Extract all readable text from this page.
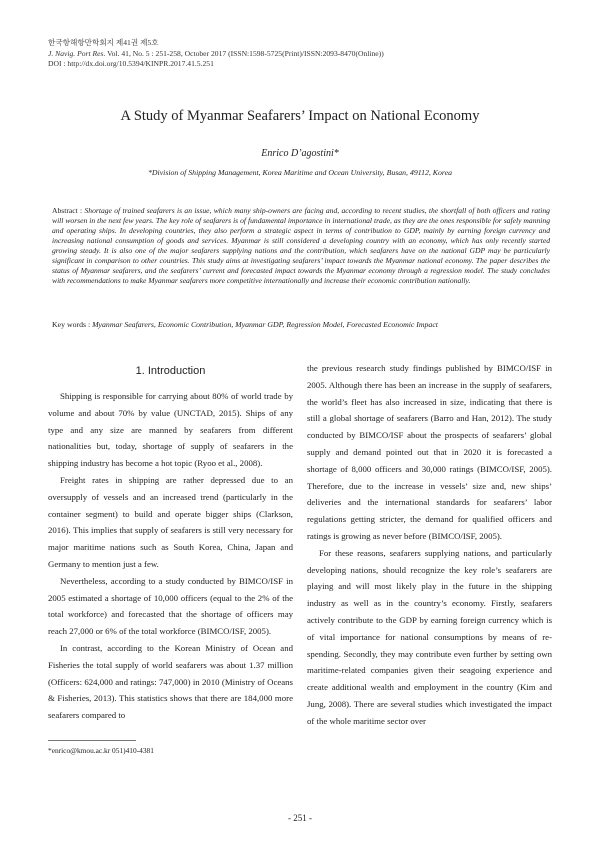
한국항해항만학회지 제41권 제5호
J. Navig. Port Res. Vol. 41, No. 5 : 251-258, October 2017 (ISSN:1598-5725(Print)/ISSN:2093-8470(Online))
DOI : http://dx.doi.org/10.5394/KINPR.2017.41.5.251
A Study of Myanmar Seafarers’ Impact on National Economy
Enrico D’agostini*
*Division of Shipping Management, Korea Maritime and Ocean University, Busan, 49112, Korea
Abstract : Shortage of trained seafarers is an issue, which many ship-owners are facing and, according to recent studies, the shortfall of both officers and rating will worsen in the next few years. The key role of seafarers is of fundamental importance in international trade, as they are the ones responsible for safely manning and operating ships. In developing countries, they also perform a strategic aspect in terms of contribution to GDP, mainly by earning foreign currency and increasing national consumption of goods and services. Myanmar is still considered a developing country with an economy, which has only recently started growing steady. It is also one of the major seafarers supplying nations and the contribution, which seafarers have on the national GDP may be particularly significant in comparison to other countries. This study aims at investigating seafarers’ impact towards the Myanmar national economy. The paper describes the status of Myanmar seafarers, and the seafarers’ current and forecasted impact towards the Myanmar economy through a regression model. The study concludes with recommendations to make Myanmar seafarers more competitive internationally and increase their economic contribution nationally.
Key words : Myanmar Seafarers, Economic Contribution, Myanmar GDP, Regression Model, Forecasted Economic Impact
1. Introduction

Shipping is responsible for carrying about 80% of world trade by volume and about 70% by value (UNCTAD, 2015). Ships of any type and any size are manned by seafarers from different nationalities but, today, shortage of supply of seafarers in the shipping industry has become a hot topic (Ryoo et al., 2008).

Freight rates in shipping are rather depressed due to an oversupply of vessels and an increased trend (particularly in the container segment) to build and operate bigger ships (Clarkson, 2016). This implies that supply of seafarers is still very necessary for major maritime nations such as South Korea, China, Japan and Germany to mention just a few.

Nevertheless, according to a study conducted by BIMCO/ISF in 2005 estimated a shortage of 10,000 officers (equal to the 2% of the total workforce) and forecasted that the shortage of officers may reach 27,000 or 6% of the total workforce (BIMCO/ISF, 2005).

In contrast, according to the Korean Ministry of Ocean and Fisheries the total supply of world seafarers was about 1.37 million (Officers: 624,000 and ratings: 747,000) in 2010 (Ministry of Oceans & Fisheries, 2013). This statistics shows that there are 184,000 more seafarers compared to

the previous research study findings published by BIMCO/ISF in 2005. Although there has been an increase in the supply of seafarers, the world’s fleet has also increased in size, indicating that there is still a global shortage of seafarers (Barro and Han, 2012). The study conducted by BIMCO/ISF about the prospects of seafarers’ global supply and demand pointed out that in 2020 it is forecasted a shortage of 8,000 officers and 30,000 ratings (BIMCO/ISF, 2005). Therefore, due to the increase in vessels’ size and, new ships’ deliveries and the international standards for seafarers’ labor regulations getting stricter, the demand for qualified officers and ratings is growing as never before (BIMCO/ISF, 2005).

For these reasons, seafarers supplying nations, and particularly developing nations, should recognize the key role’s seafarers are playing and will most likely play in the future in the shipping industry as well as in the country’s economy. Firstly, seafarers actively contribute to the GDP by earning foreign currency which is of vital importance for national consumptions by means of re-spending. Secondly, they may contribute even further by setting own maritime-related companies given their seagoing experience and create additional wealth and employment in the country (Kim and Jung, 2008). There are several studies which investigated the impact of the whole maritime sector over

*enrico@kmou.ac.kr 051)410-4381
- 251 -
